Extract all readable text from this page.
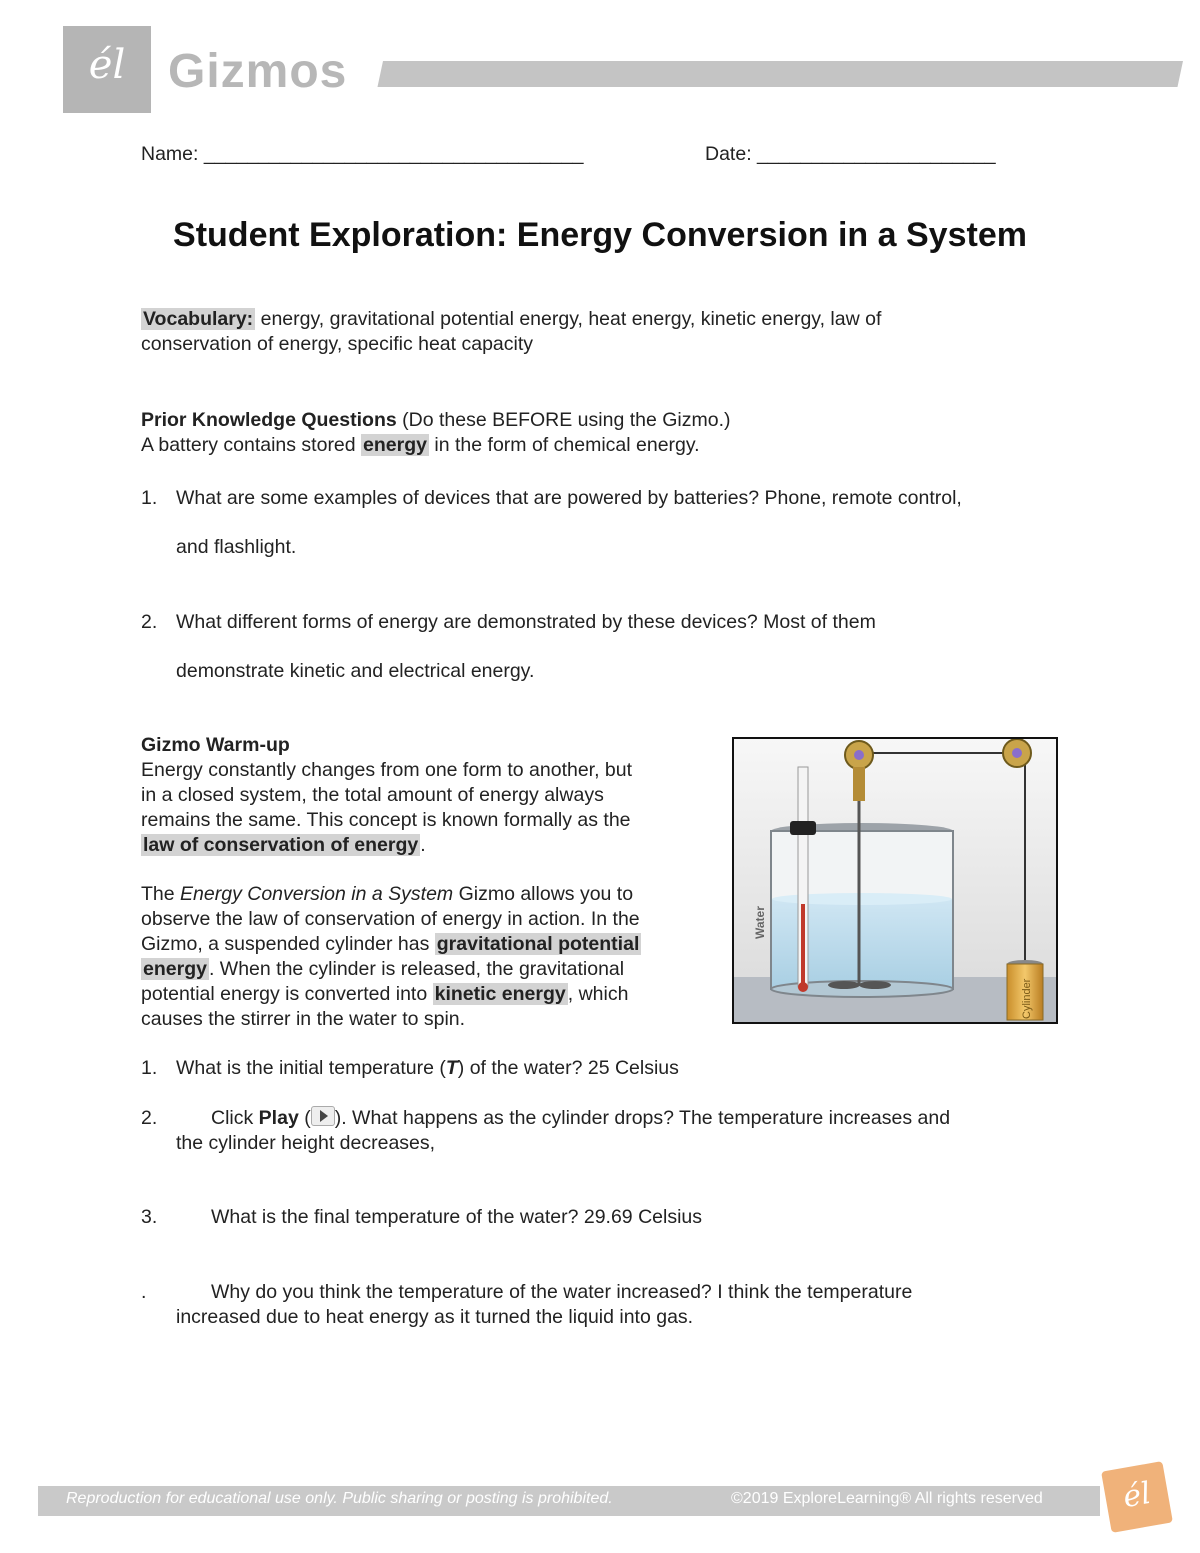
él Gizmos
Name: ___________________________________	Date: ______________________
Student Exploration: Energy Conversion in a System
Vocabulary: energy, gravitational potential energy, heat energy, kinetic energy, law of
conservation of energy, specific heat capacity
Prior Knowledge Questions (Do these BEFORE using the Gizmo.)
A battery contains stored energy in the form of chemical energy.
1. What are some examples of devices that are powered by batteries? Phone, remote control,
and flashlight.
2. What different forms of energy are demonstrated by these devices? Most of them
demonstrate kinetic and electrical energy.
Gizmo Warm-up
Energy constantly changes from one form to another, but
in a closed system, the total amount of energy always
remains the same. This concept is known formally as the
law of conservation of energy .
The Energy Conversion in a System Gizmo allows you to
observe the law of conservation of energy in action. In the
Gizmo, a suspended cylinder has gravitational potential
energy . When the cylinder is released, the gravitational
potential energy is converted into kinetic energy , which
causes the stirrer in the water to spin.
Water
Cylinder
1. What is the initial temperature (T) of the water? 25 Celsius
2.	Click Play ( ). What happens as the cylinder drops? The temperature increases and
the cylinder height decreases,
3.	What is the final temperature of the water? 29.69 Celsius
.	Why do you think the temperature of the water increased? I think the temperature
increased due to heat energy as it turned the liquid into gas.
Reproduction for educational use only. Public sharing or posting is prohibited.	©2019 ExploreLearning® All rights reserved	él
